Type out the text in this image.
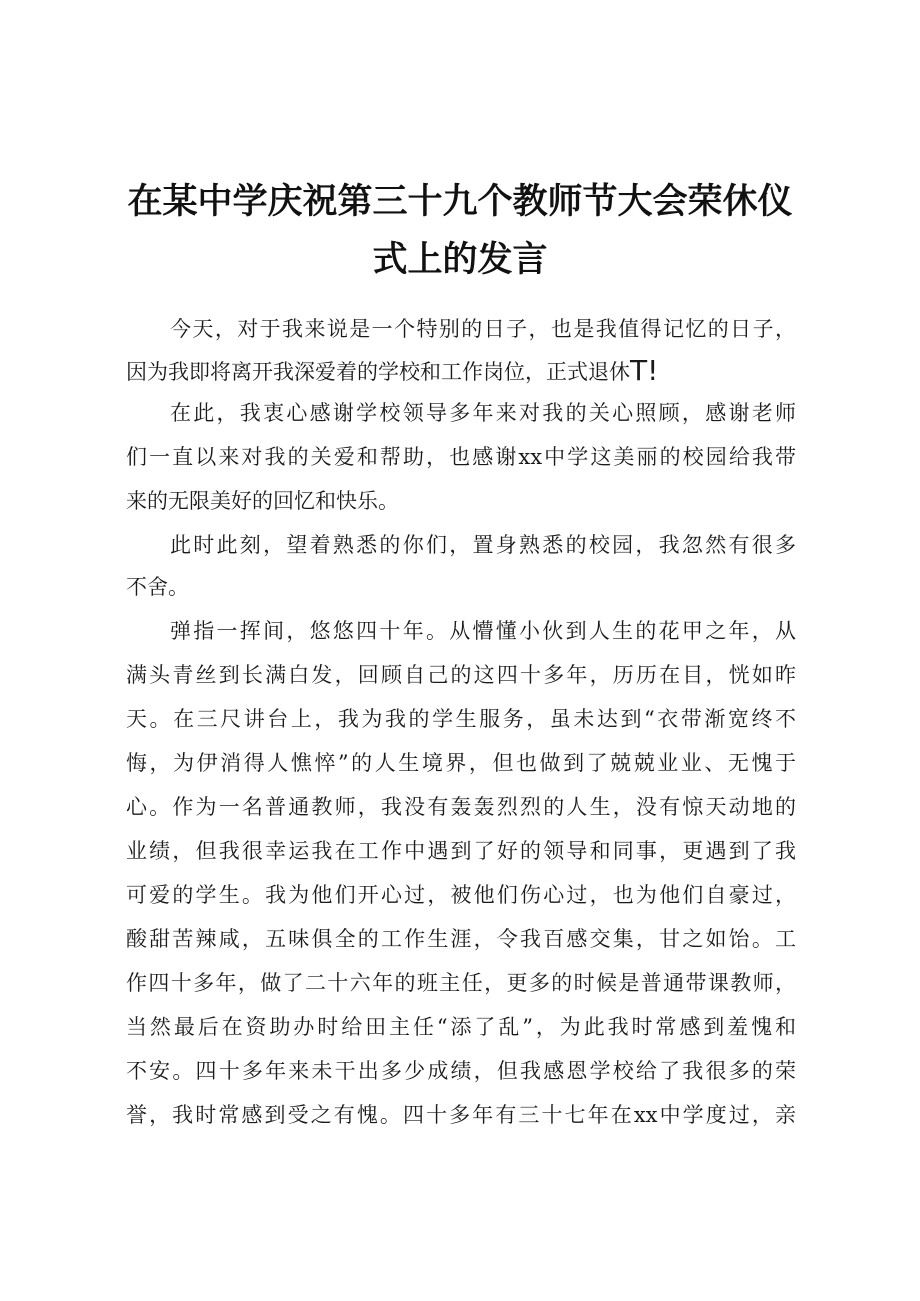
在某中学庆祝第三十九个教师节大会荣休仪
式上的发言

今天，对于我来说是一个特别的日子，也是我值得记忆的日子，

因为我即将离开我深爱着的学校和工作岗位，正式退休T!

在此，我衷心感谢学校领导多年来对我的关心照顾，感谢老师

们一直以来对我的关爱和帮助，也感谢xx中学这美丽的校园给我带

来的无限美好的回忆和快乐。

此时此刻，望着熟悉的你们，置身熟悉的校园，我忽然有很多

不舍。

弹指一挥间，悠悠四十年。从懵懂小伙到人生的花甲之年，从

满头青丝到长满白发，回顾自己的这四十多年，历历在目，恍如昨

天。在三尺讲台上，我为我的学生服务，虽未达到“衣带渐宽终不

悔，为伊消得人憔悴”的人生境界，但也做到了兢兢业业、无愧于

心。作为一名普通教师，我没有轰轰烈烈的人生，没有惊天动地的

业绩，但我很幸运我在工作中遇到了好的领导和同事，更遇到了我

可爱的学生。我为他们开心过，被他们伤心过，也为他们自豪过，

酸甜苦辣咸，五味俱全的工作生涯，令我百感交集，甘之如饴。工

作四十多年，做了二十六年的班主任，更多的时候是普通带课教师，

当然最后在资助办时给田主任“添了乱”，为此我时常感到羞愧和

不安。四十多年来未干出多少成绩，但我感恩学校给了我很多的荣

誉，我时常感到受之有愧。四十多年有三十七年在xx中学度过，亲
